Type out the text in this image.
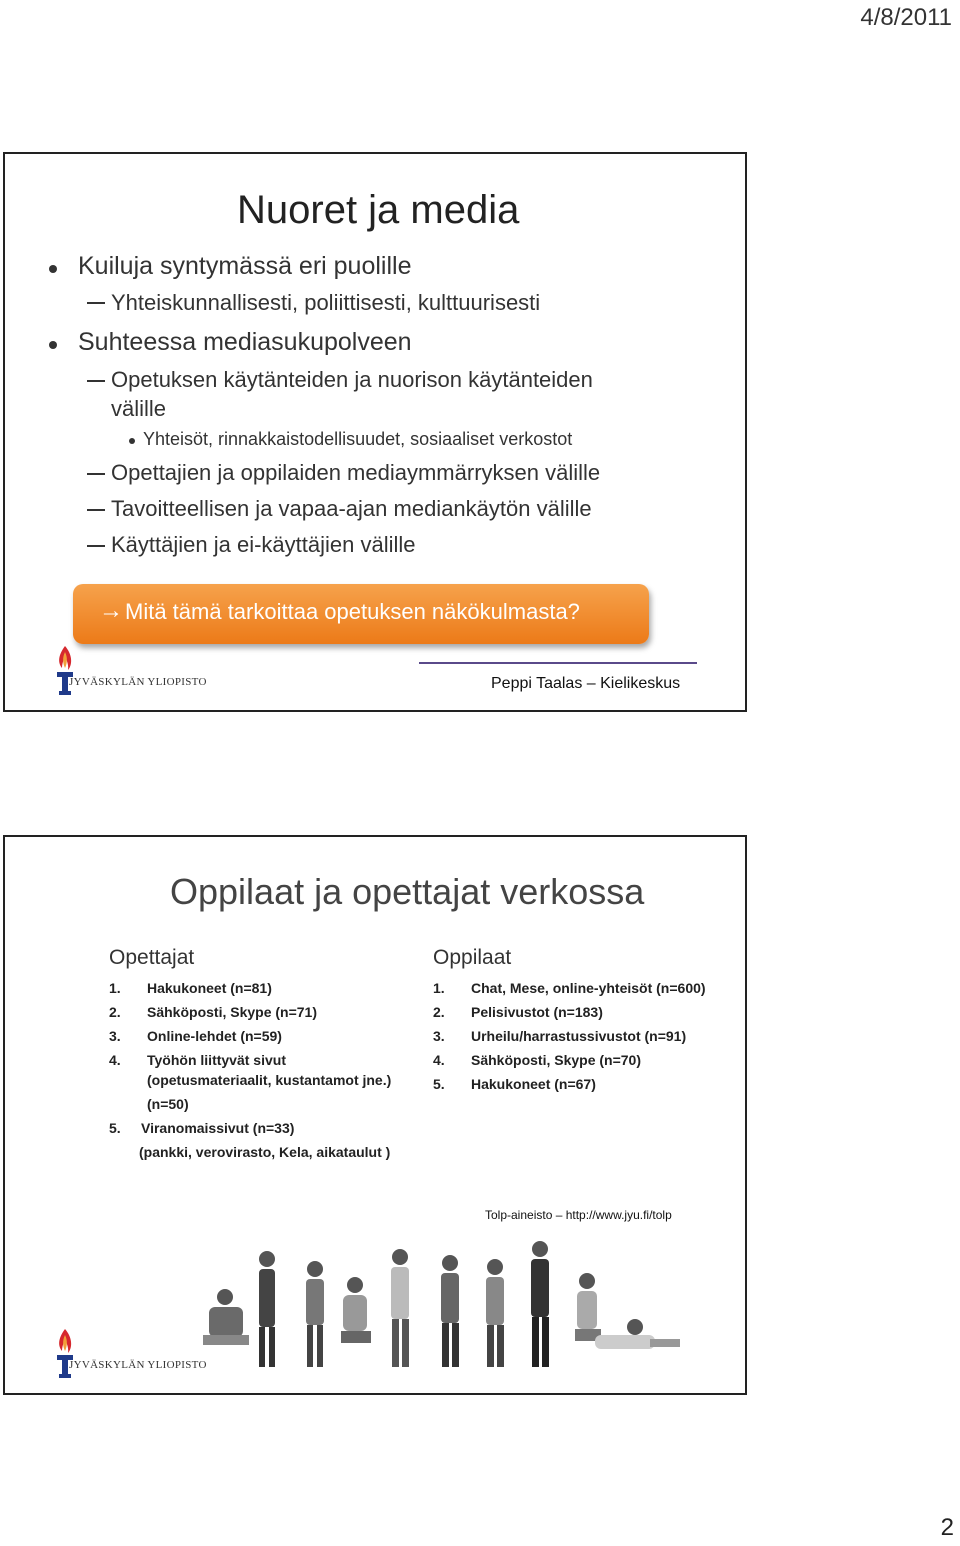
4/8/2011
Nuoret ja media
Kuiluja syntymässä eri puolille
Yhteiskunnallisesti, poliittisesti, kulttuurisesti
Suhteessa mediasukupolveen
Opetuksen käytänteiden ja nuorison käytänteiden
välille
Yhteisöt, rinnakkaistodellisuudet, sosiaaliset verkostot
Opettajien ja oppilaiden mediaymmärryksen välille
Tavoitteellisen ja vapaa-ajan mediankäytön välille
Käyttäjien ja ei-käyttäjien välille
→ Mitä tämä tarkoittaa opetuksen näkökulmasta?
JYVÄSKYLÄN YLIOPISTO	Peppi Taalas – Kielikeskus
Oppilaat ja opettajat verkossa
Opettajat
1. Hakukoneet (n=81)
2. Sähköposti, Skype (n=71)
3. Online-lehdet (n=59)
4. Työhön liittyvät sivut
(opetusmateriaalit, kustantamot jne.)
(n=50)
5. Viranomaissivut (n=33)
(pankki, verovirasto, Kela, aikataulut )
Oppilaat
1. Chat, Mese, online-yhteisöt (n=600)
2. Pelisivustot (n=183)
3. Urheilu/harrastussivustot (n=91)
4. Sähköposti, Skype (n=70)
5. Hakukoneet (n=67)
Tolp-aineisto – http://www.jyu.fi/tolp
JYVÄSKYLÄN YLIOPISTO
2
